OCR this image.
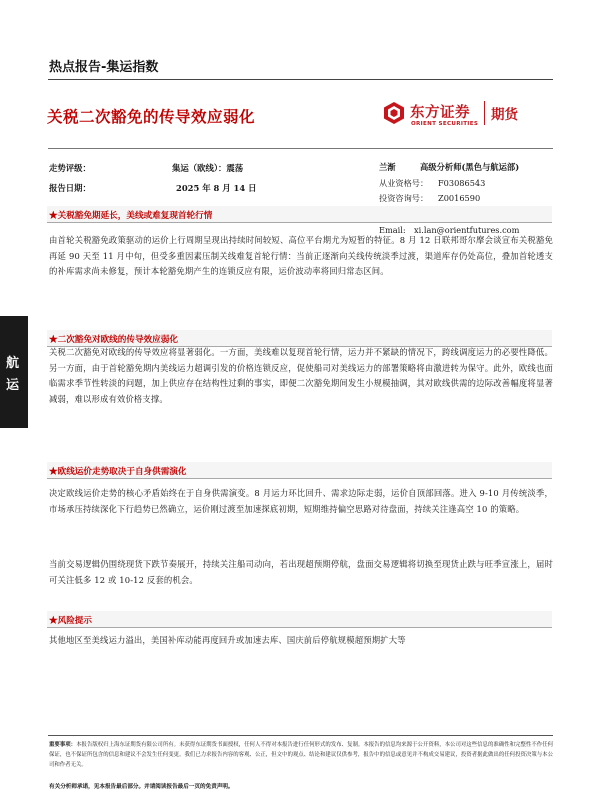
热点报告-集运指数
关税二次豁免的传导效应弱化	东方证券
ORIENT SECURITIES
期货
走势评级：	集运（欧线）：震荡
报告日期：	2025 年 8 月 14 日
兰渐	高级分析师(黑色与航运部)
从业资格号： F03086543
投资咨询号： Z0016590
Email: xi.lan@orientfutures.com
航
运
★关税豁免期延长，美线或难复现首轮行情
由首轮关税豁免政策驱动的运价上行周期呈现出持续时间较短、高位平台期尤为短暂的特征。8 月 12 日联邦哥尔摩会谈宣布关税豁免再延 90 天至 11 月中旬，但受多重因素压制关线难复首轮行情：当前正逐渐向关线传统淡季过渡，渠道库存仍处高位，叠加首轮透支的补库需求尚未修复，预计本轮豁免期产生的连锁反应有限，运价波动率将回归常态区间。
★二次豁免对欧线的传导效应弱化
关税二次豁免对欧线的传导效应将显著弱化。一方面，美线难以复现首轮行情，运力并不紧缺的情况下，跨线调度运力的必要性降低。另一方面，由于首轮豁免期内美线运力超调引发的价格连锁反应，促使船司对美线运力的部署策略将由激进转为保守。此外，欧线也面临需求季节性转淡的问题，加上供应存在结构性过剩的事实，即便二次豁免期间发生小规模抽调，其对欧线供需的边际改善幅度将显著减弱，难以形成有效价格支撑。
★欧线运价走势取决于自身供需演化
决定欧线运价走势的核心矛盾始终在于自身供需演变。8 月运力环比回升、需求边际走弱，运价自顶部回落。进入 9-10 月传统淡季，市场承压持续深化下行趋势已然确立，运价刚过渡至加速探底初期，短期维持偏空思路对待盘面，持续关注逢高空 10 的策略。
当前交易逻辑仍围绕现货下跌节奏展开，持续关注船司动向，若出现超预期停航，盘面交易逻辑将切换至现货止跌与旺季宣涨上，届时可关注低多 12 或 10-12 反套的机会。
★风险提示
其他地区至美线运力溢出，美国补库动能再度回升或加速去库、国庆前后停航规模超预期扩大等
重要事项：本报告版权归上海东证期货有限公司所有。未获得东证期货书面授权，任何人不得对本报告进行任何形式的发布、复制。本报告的信息均来源于公开资料，本公司对这些信息的准确性和完整性不作任何保证，也不保证所包含的信息和建议不会发生任何变更。我们已力求报告内容的客观、公正，但文中的观点、结论和建议仅供参考，报告中的信息或意见并不构成交易建议，投资者据此做出的任何投资决策与本公司和作者无关。
有关分析师承诺，见本报告最后部分。并请阅读报告最后一页的免责声明。
